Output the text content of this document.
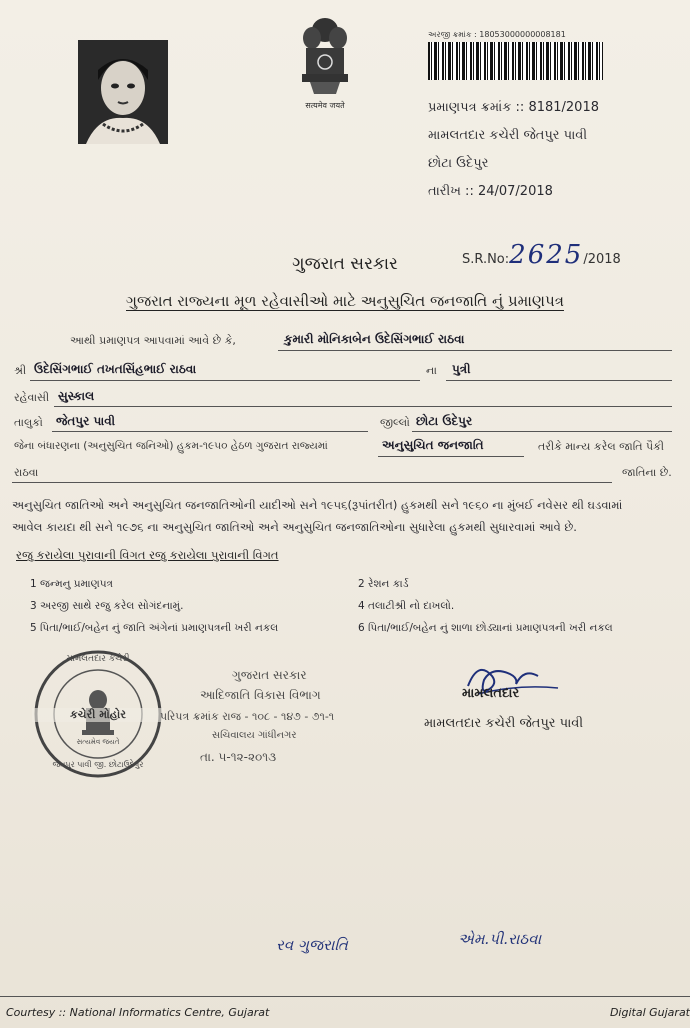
सत्यमेव जयते
અરજી ક્રમાંક : 18053000000008181
પ્રમાણપત્ર ક્રમાંક :: 8181/2018
મામલતદાર કચેરી જેતપુર પાવી
છોટા ઉદેપુર
તારીખ :: 24/07/2018
S.R.No:2625/2018
ગુજરાત સરકાર
ગુજરાત રાજ્યના મૂળ રહેવાસીઓ માટે અનુસુચિત જનજાતિ નું પ્રમાણપત્ર
આથી પ્રમાણપત્ર આપવામાં આવે છે કે,	કુમારી મોનિકાબેન ઉદેસિંગભાઈ રાઠવા
શ્રી ઉદેસિંગભાઈ તખતસિંહભાઈ રાઠવા	ના પુત્રી
રહેવાસી સુસ્કાલ
તાલુકો જેતપુર પાવી	જીલ્લો છોટા ઉદેપુર
જેના બંધારણના (અનુસુચિત જનિઓ) હુકમ-૧૯૫૦ હેઠળ ગુજરાત રાજ્યમાં	અનુસુચિત જનજાતિ	તરીકે માન્ય કરેલ જાતિ પૈકી
રાઠવા	જાતિના છે.
અનુસુચિત જાતિઓ અને અનુસુચિત જનજાતિઓની યાદીઓ સને ૧૯૫૬(રૂપાંતરીત) હુકમથી સને ૧૯૬૦ ના મુંબઈ નવેસર થી ઘડવામાં
આવેલ કાયદા થી સને ૧૯૭૬ ના અનુસુચિત જાતિઓ અને અનુસુચિત જનજાતિઓના સુધારેલા હુકમથી સુધારવામાં આવે છે.
રજુ કરાયેલા પુરાવાની વિગત રજુ કરાયેલા પુરાવાની વિગત
1 જન્મનુ પ્રમાણપત્ર	2 રેશન કાર્ડ
3 અરજી સાથે રજુ કરેલ સોગંદનામું.	4 તલાટીશ્રી નો દાખલો.
5 પિતા/ભાઈ/બહેન નું જાતિ અંગેનાં પ્રમાણપત્રની ખરી નકલ	6 પિતા/ભાઈ/બહેન નું શાળા છોડ્યાનાં પ્રમાણપત્રની ખરી નકલ
મામલતદાર કચેરી
કચેરી મોહોર
સત્યમેવ જયતે
જેતપુર પાવી જી. છોટાઉદેપુર
ગુજરાત સરકાર
આદિજાતિ વિકાસ વિભાગ
પરિપત્ર ક્રમાંક રાજ - ૧૦૮ - ૧૪૭ - ૭૧-૧
સચિવાલય ગાંધીનગર
તા. ૫-૧૨-૨૦૧૩
મામલતદાર
મામલતદાર કચેરી જેતપુર પાવી
રવ ગુજરાતિ	એમ.પી.રાઠવા
Courtesy :: National Informatics Centre, Gujarat	Digital Gujarat
